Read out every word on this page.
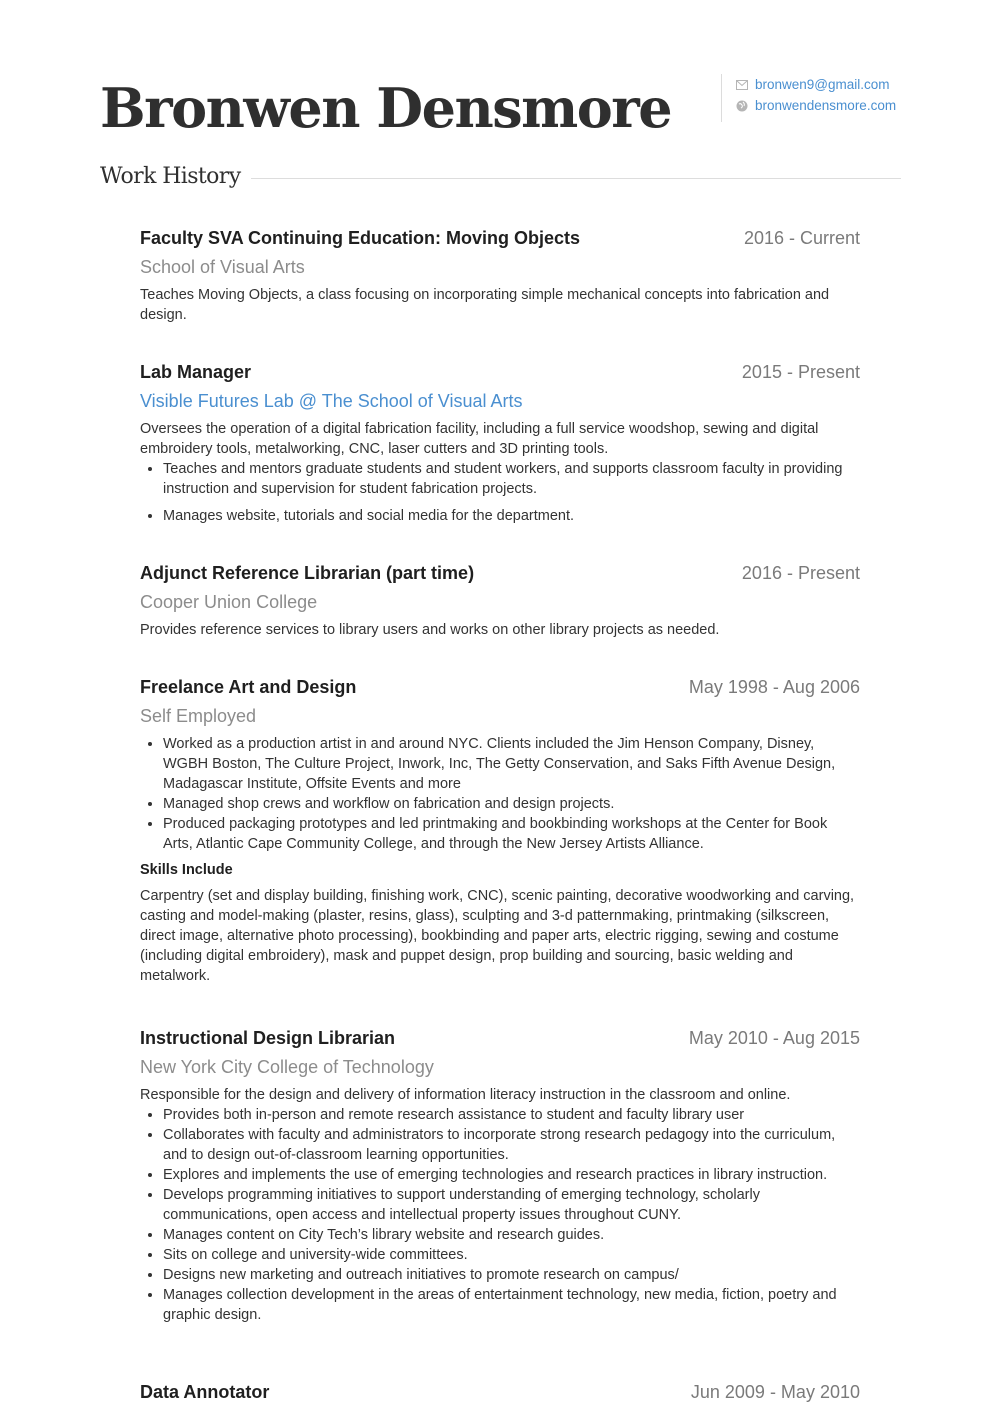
Bronwen Densmore	bronwen9@gmail.com
bronwendensmore.com
Work History
Faculty SVA Continuing Education: Moving Objects	2016 - Current
School of Visual Arts
Teaches Moving Objects, a class focusing on incorporating simple mechanical concepts into fabrication and design.
Lab Manager	2015 - Present
Visible Futures Lab @ The School of Visual Arts
Oversees the operation of a digital fabrication facility, including a full service woodshop, sewing and digital embroidery tools, metalworking, CNC, laser cutters and 3D printing tools.
• Teaches and mentors graduate students and student workers, and supports classroom faculty in providing instruction and supervision for student fabrication projects.
• Manages website, tutorials and social media for the department.
Adjunct Reference Librarian (part time)	2016 - Present
Cooper Union College
Provides reference services to library users and works on other library projects as needed.
Freelance Art and Design	May 1998 - Aug 2006
Self Employed
• Worked as a production artist in and around NYC. Clients included the Jim Henson Company, Disney, WGBH Boston, The Culture Project, Inwork, Inc, The Getty Conservation, and Saks Fifth Avenue Design, Madagascar Institute, Offsite Events and more
• Managed shop crews and workflow on fabrication and design projects.
• Produced packaging prototypes and led printmaking and bookbinding workshops at the Center for Book Arts, Atlantic Cape Community College, and through the New Jersey Artists Alliance.
Skills Include
Carpentry (set and display building, finishing work, CNC), scenic painting, decorative woodworking and carving, casting and model-making (plaster, resins, glass), sculpting and 3-d patternmaking, printmaking (silkscreen, direct image, alternative photo processing), bookbinding and paper arts, electric rigging, sewing and costume (including digital embroidery), mask and puppet design, prop building and sourcing, basic welding and metalwork.
Instructional Design Librarian	May 2010 - Aug 2015
New York City College of Technology
Responsible for the design and delivery of information literacy instruction in the classroom and online.
• Provides both in-person and remote research assistance to student and faculty library user
• Collaborates with faculty and administrators to incorporate strong research pedagogy into the curriculum, and to design out-of-classroom learning opportunities.
• Explores and implements the use of emerging technologies and research practices in library instruction.
• Develops programming initiatives to support understanding of emerging technology, scholarly communications, open access and intellectual property issues throughout CUNY.
• Manages content on City Tech’s library website and research guides.
• Sits on college and university-wide committees.
• Designs new marketing and outreach initiatives to promote research on campus/
• Manages collection development in the areas of entertainment technology, new media, fiction, poetry and graphic design.
Data Annotator	Jun 2009 - May 2010
